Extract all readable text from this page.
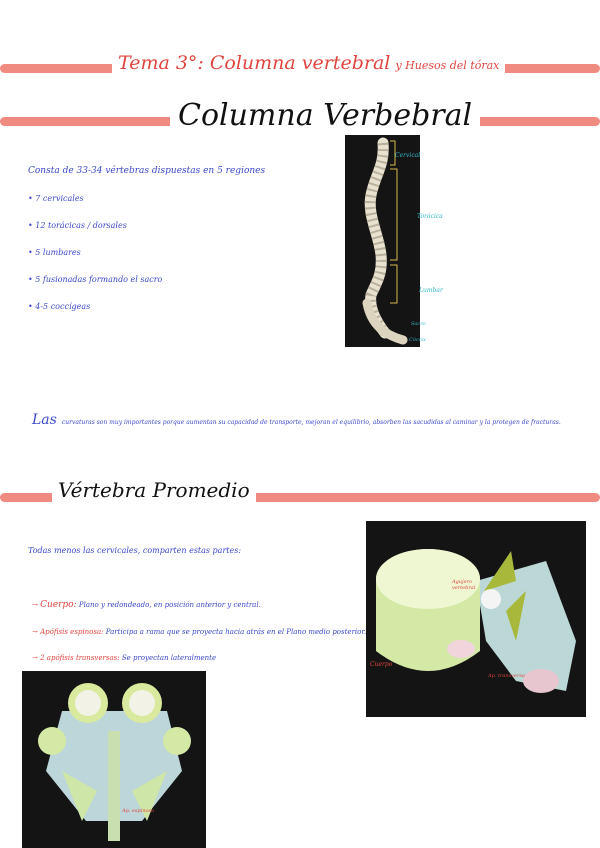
Tema 3°: Columna vertebral y Huesos del tórax
Columna Verbebral
Consta de 33-34 vértebras dispuestas en 5 regiones
• 7 cervicales
• 12 torácicas / dorsales
• 5 lumbares
• 5 fusionadas formando el sacro
• 4-5 coccígeas
Cervical
Torácica
Lumbar
Sacro
Cóccix
Las curvaturas son muy importantes porque aumentan su capacidad de transporte, mejoran el equilibrio, absorben las sacudidas al caminar y la protegen de fracturas.
Vértebra Promedio
Todas menos las cervicales, comparten estas partes:
→ Cuerpo: Plano y redondeado, en posición anterior y central.
→ Apófisis espinosa: Participa a rama que se proyecta hacia atrás en el Plano medio posterior.
→ 2 apófisis transversas: Se proyectan lateralmente
Agujero vertebral
Cuerpo
Ap. transversa
Ap. espinosa
